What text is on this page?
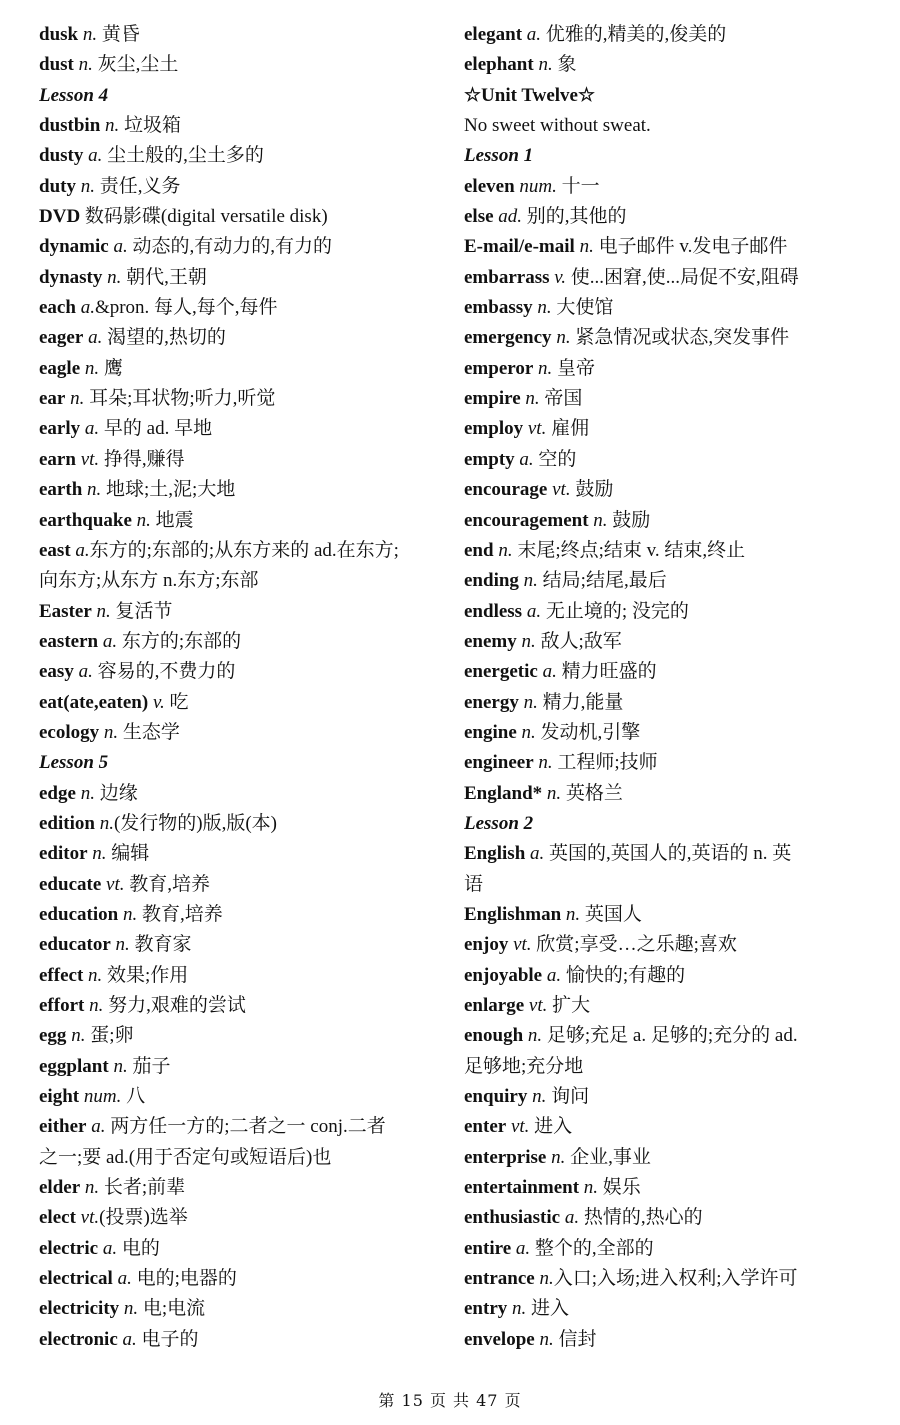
dusk n. 黄昏
dust n. 灰尘,尘土
Lesson 4
dustbin n. 垃圾箱
dusty a. 尘土般的,尘土多的
duty n. 责任,义务
DVD 数码影碟(digital versatile disk)
dynamic a. 动态的,有动力的,有力的
dynasty n. 朝代,王朝
each a.&pron. 每人,每个,每件
eager a. 渴望的,热切的
eagle n. 鹰
ear n. 耳朵;耳状物;听力,听觉
early a. 早的 ad. 早地
earn vt. 挣得,赚得
earth n. 地球;土,泥;大地
earthquake n. 地震
east a.东方的;东部的;从东方来的 ad.在东方;
向东方;从东方 n.东方;东部
Easter n. 复活节
eastern a. 东方的;东部的
easy a. 容易的,不费力的
eat(ate,eaten) v. 吃
ecology n. 生态学
Lesson 5
edge n. 边缘
edition n.(发行物的)版,版(本)
editor n. 编辑
educate vt. 教育,培养
education n. 教育,培养
educator n. 教育家
effect n. 效果;作用
effort n. 努力,艰难的尝试
egg n. 蛋;卵
eggplant n. 茄子
eight num. 八
either a. 两方任一方的;二者之一 conj.二者
之一;要 ad.(用于否定句或短语后)也
elder n. 长者;前辈
elect vt.(投票)选举
electric a. 电的
electrical a. 电的;电器的
electricity n. 电;电流
electronic a. 电子的
elegant a. 优雅的,精美的,俊美的
elephant n. 象
☆Unit Twelve☆
No sweet without sweat.
Lesson 1
eleven num. 十一
else ad. 别的,其他的
E-mail/e-mail n. 电子邮件 v.发电子邮件
embarrass v. 使...困窘,使...局促不安,阻碍
embassy n. 大使馆
emergency n. 紧急情况或状态,突发事件
emperor n. 皇帝
empire n. 帝国
employ vt. 雇佣
empty a. 空的
encourage vt. 鼓励
encouragement n. 鼓励
end n. 末尾;终点;结束 v. 结束,终止
ending n. 结局;结尾,最后
endless a. 无止境的; 没完的
enemy n. 敌人;敌军
energetic a. 精力旺盛的
energy n. 精力,能量
engine n. 发动机,引擎
engineer n. 工程师;技师
England* n. 英格兰
Lesson 2
English a. 英国的,英国人的,英语的 n. 英
语
Englishman n. 英国人
enjoy vt. 欣赏;享受…之乐趣;喜欢
enjoyable a. 愉快的;有趣的
enlarge vt. 扩大
enough n. 足够;充足 a. 足够的;充分的 ad.
足够地;充分地
enquiry n. 询问
enter vt. 进入
enterprise n. 企业,事业
entertainment n. 娱乐
enthusiastic a. 热情的,热心的
entire a. 整个的,全部的
entrance n.入口;入场;进入权利;入学许可
entry n. 进入
envelope n. 信封
第 15 页 共 47 页
